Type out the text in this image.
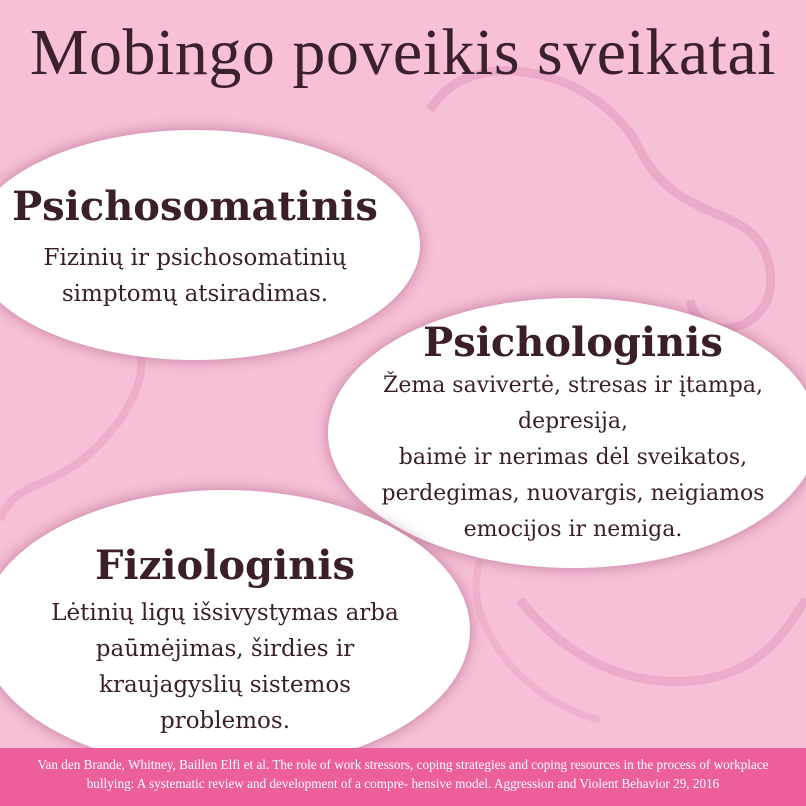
Mobingo poveikis sveikatai
Psichosomatinis
Fizinių ir psichosomatinių
simptomų atsiradimas.
Psichologinis
Žema savivertė, stresas ir įtampa,
depresija,
baimė ir nerimas dėl sveikatos,
perdegimas, nuovargis, neigiamos
emocijos ir nemiga.
Fiziologinis
Lėtinių ligų išsivystymas arba
paūmėjimas, širdies ir
kraujagyslių sistemos
problemos.
Van den Brande, Whitney, Baillen Elfi et al. The role of work stressors, coping strategies and coping resources in the process of workplace
bullying: A systematic review and development of a compre- hensive model. Aggression and Violent Behavior 29, 2016
